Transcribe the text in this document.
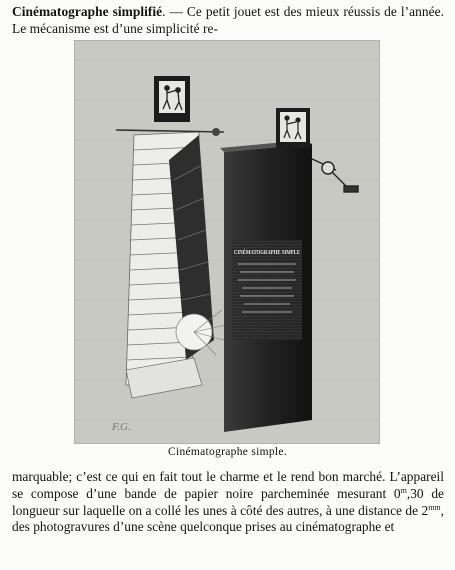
Cinématographe simplifié. — Ce petit jouet est des mieux réussis de l’année. Le mécanisme est d’une simplicité re-
CINÉMATOGRAPHE SIMPLE
F.G.
Cinématographe simple.
marquable; c’est ce qui en fait tout le charme et le rend bon marché. L’appareil se compose d’une bande de papier noire parcheminée mesurant 0$^m$,30 de longueur sur laquelle on a collé les unes à côté des autres, à une distance de $2^{mm}$, des photogravures d’une scène quelconque prises au cinématographe et
